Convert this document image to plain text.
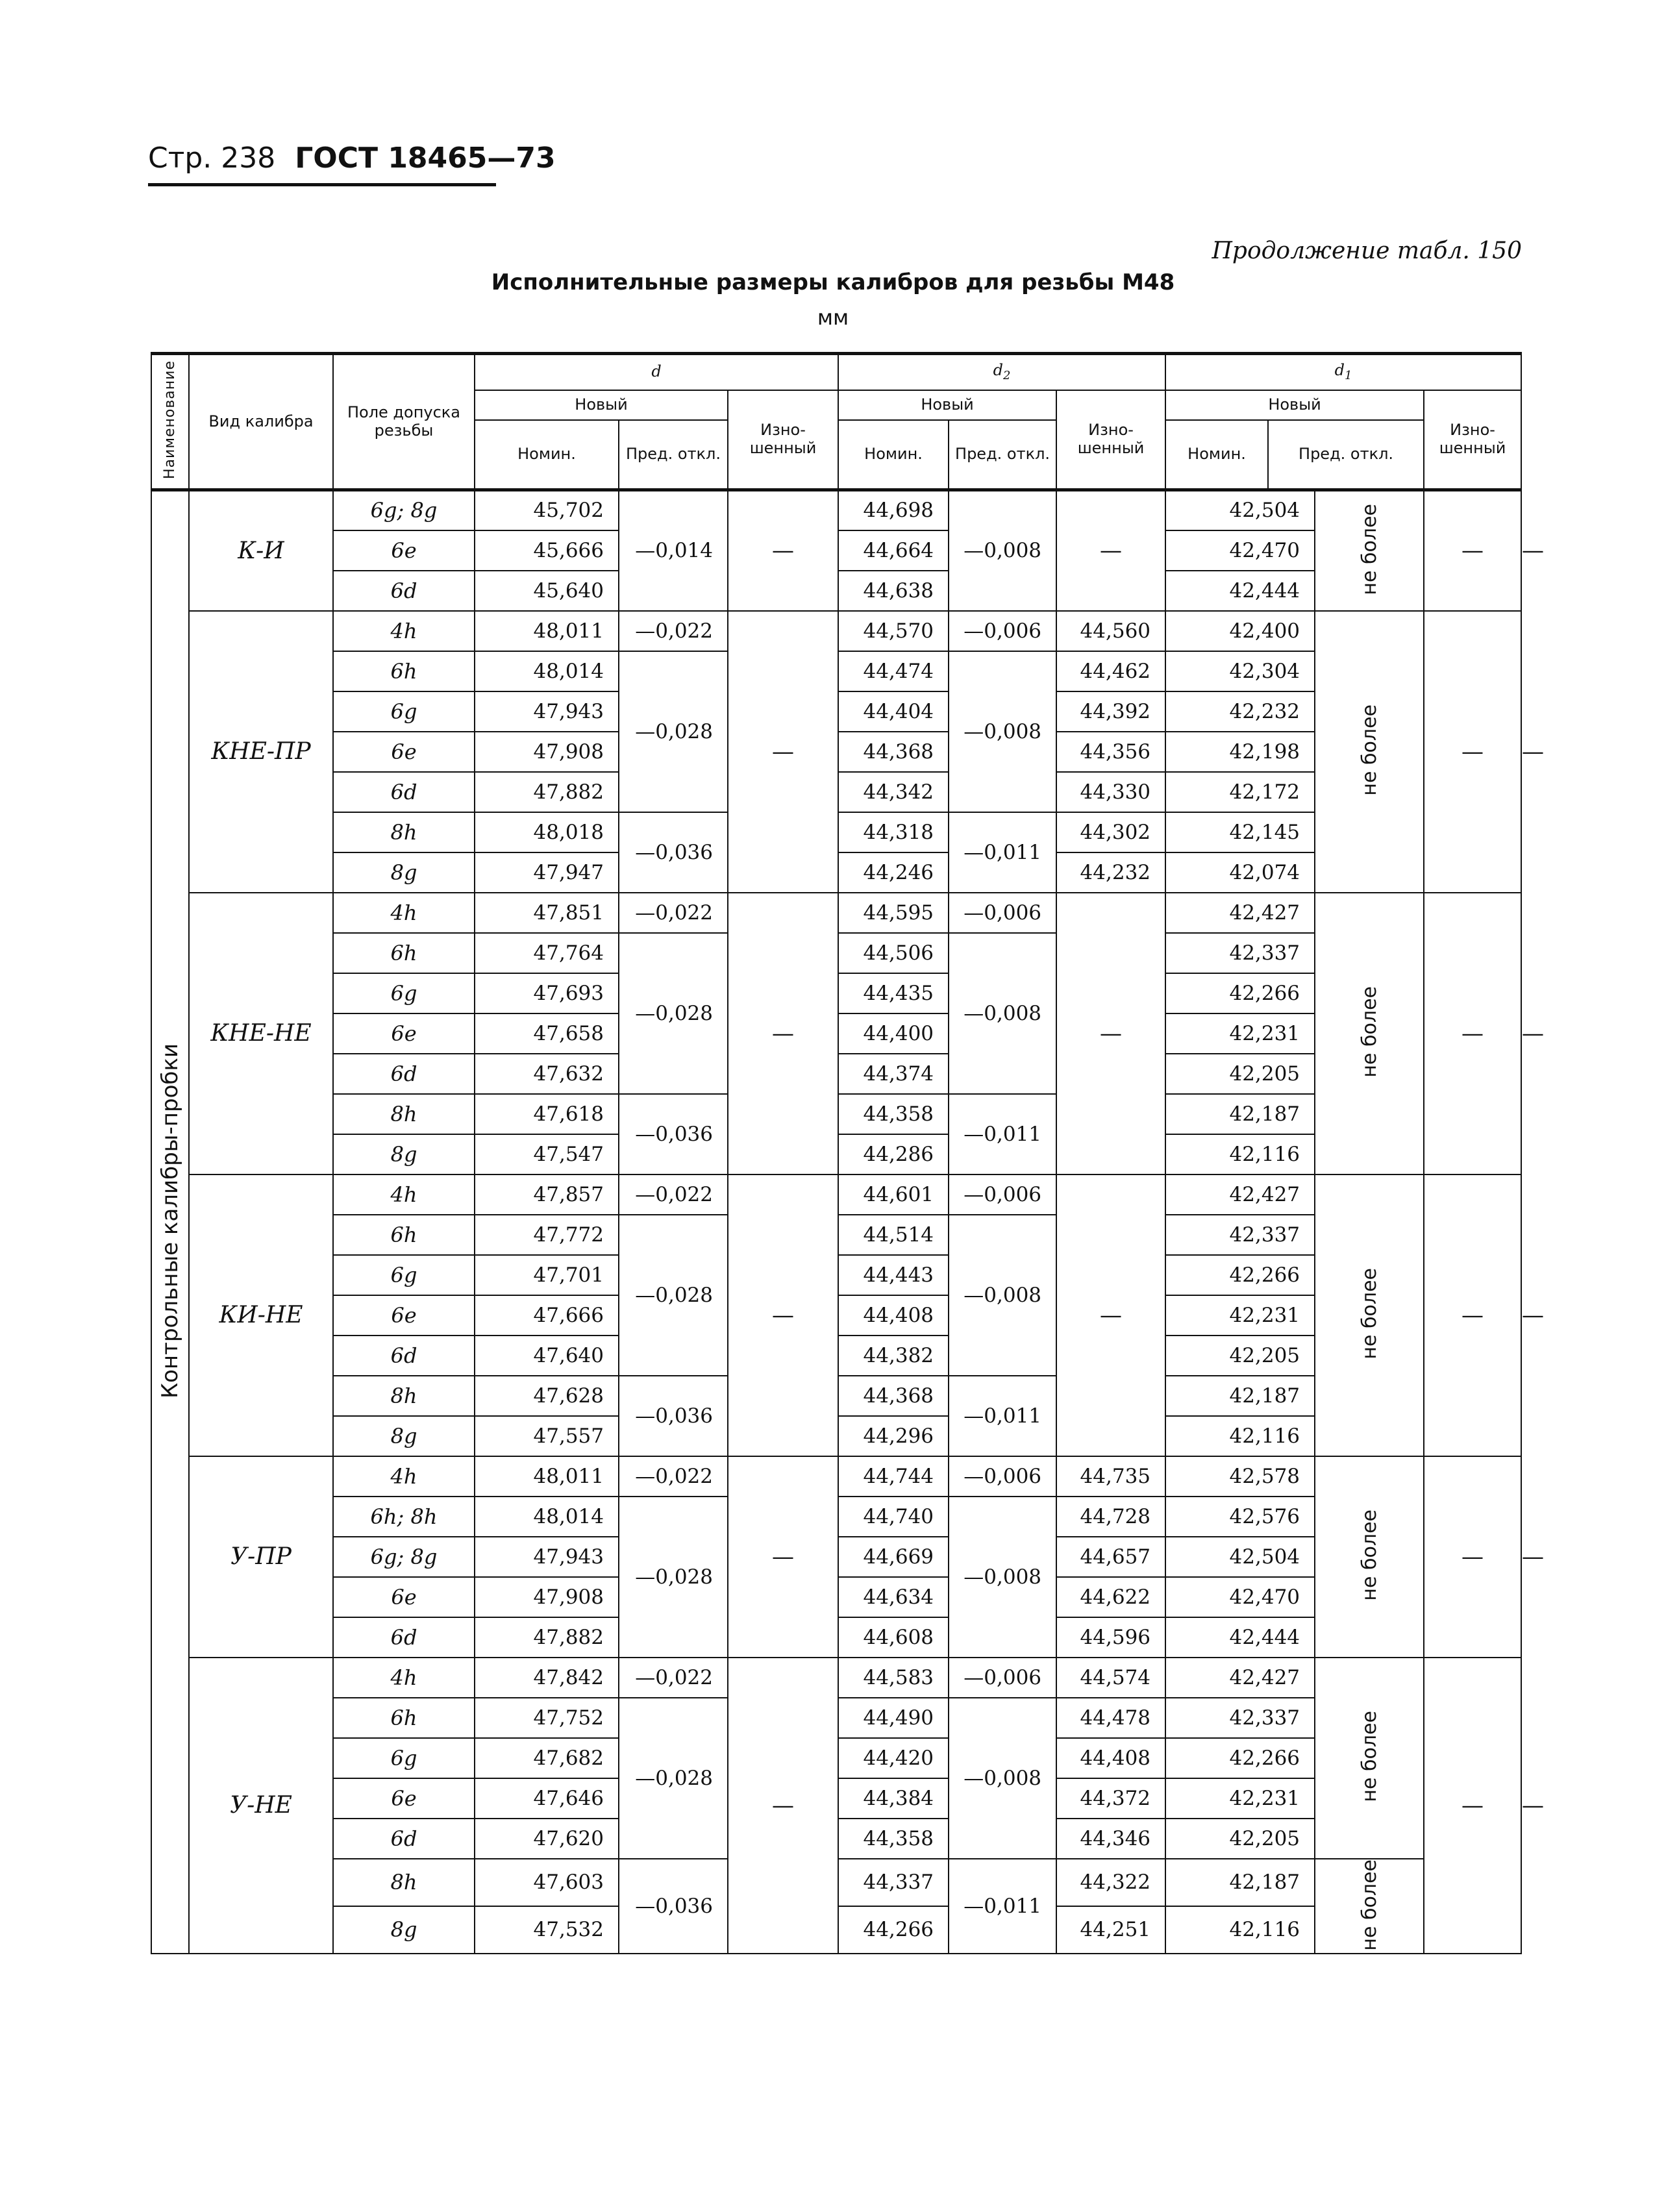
Стр. 238 ГОСТ 18465—73
Продолжение табл. 150
Исполнительные размеры калибров для резьбы M48
мм
Наименование	Вид калибра	Поле допуска резьбы	d			$d_2$			$d_1$
			Новый		Изно-шенный	Новый		Изно-шенный	Новый			Изно-шенный	
			Номин.	Пред. откл.		Номин.	Пред. откл.		Номин.	Пред. откл.			
Контрольные калибры-пробки	К-И	6g; 8g	45,702	—0,014	—	44,698	—0,008	—	42,504		не более	—	—
		6e	45,666			44,664			42,470				
		6d	45,640			44,638			42,444				
	КНЕ-ПР	4h	48,011	—0,022	—	44,570	—0,006	44,560	42,400		не более	—	—
		6h	48,014	—0,028		44,474	—0,008	44,462	42,304				
		6g	47,943			44,404		44,392	42,232				
		6e	47,908			44,368		44,356	42,198				
		6d	47,882			44,342		44,330	42,172				
		8h	48,018	—0,036		44,318	—0,011	44,302	42,145				
		8g	47,947			44,246		44,232	42,074				
	КНЕ-НЕ	4h	47,851	—0,022	—	44,595	—0,006	—	42,427		не более	—	—
		6h	47,764	—0,028		44,506	—0,008		42,337				
		6g	47,693			44,435			42,266				
		6e	47,658			44,400			42,231				
		6d	47,632			44,374			42,205				
		8h	47,618	—0,036		44,358	—0,011		42,187				
		8g	47,547			44,286			42,116				
	КИ-НЕ	4h	47,857	—0,022	—	44,601	—0,006	—	42,427		не более	—	—
		6h	47,772	—0,028		44,514	—0,008		42,337				
		6g	47,701			44,443			42,266				
		6e	47,666			44,408			42,231				
		6d	47,640			44,382			42,205				
		8h	47,628	—0,036		44,368	—0,011		42,187				
		8g	47,557			44,296			42,116				
	У-ПР	4h	48,011	—0,022	—	44,744	—0,006	44,735	42,578		не более	—	—
		6h; 8h	48,014	—0,028		44,740	—0,008	44,728	42,576				
		6g; 8g	47,943			44,669		44,657	42,504				
		6e	47,908			44,634		44,622	42,470				
		6d	47,882			44,608		44,596	42,444				
	У-НЕ	4h	47,842	—0,022	—	44,583	—0,006	44,574	42,427		не более	—	—
		6h	47,752	—0,028		44,490	—0,008	44,478	42,337				
		6g	47,682			44,420		44,408	42,266				
		6e	47,646			44,384		44,372	42,231				
		6d	47,620			44,358		44,346	42,205				
		8h	47,603	—0,036		44,337	—0,011	44,322	42,187		не более		
		8g	47,532			44,266		44,251	42,116				
